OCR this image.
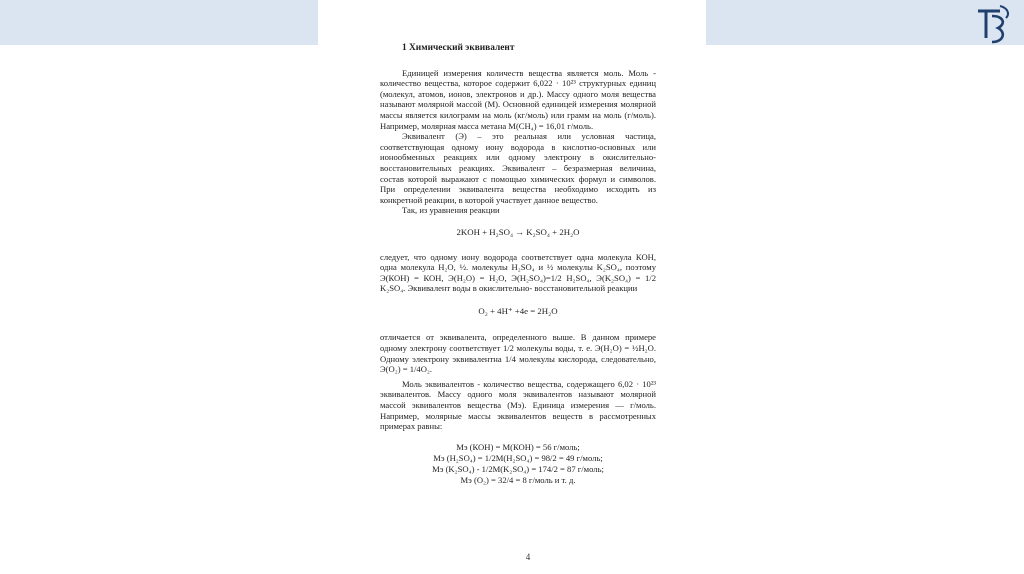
1 Химический эквивалент

Единицей измерения количеств вещества является моль. Моль - количество вещества, которое содержит 6,022 · 10²³ структурных единиц (молекул, атомов, ионов, электронов и др.). Массу одного моля вещества называют молярной массой (М). Основной единицей измерения молярной массы является килограмм на моль (кг/моль) или грамм на моль (г/моль). Например, молярная масса метана М(СН₄) = 16,01 г/моль.

Эквивалент (Э) – это реальная или условная частица, соответствующая одному иону водорода в кислотно-основных или ионообменных реакциях или одному электрону в окислительно-восстановительных реакциях. Эквивалент – безразмерная величина, состав которой выражают с помощью химических формул и символов. При определении эквивалента вещества необходимо исходить из конкретной реакции, в которой участвует данное вещество.

Так, из уравнения реакции

2KOH + H₂SO₄ → K₂SO₄ + 2H₂O

следует, что одному иону водорода соответствует одна молекула КОН, одна молекула Н₂О, ½. молекулы H₂SO₄ и ½ молекулы K₂SO₄, поэтому Э(КОН) = КОН, Э(Н₂О) = Н₂О, Э(H₂SO₄)=1/2 H₂SO₄, Э(K₂SO₄) = 1/2 K₂SO₄. Эквивалент воды в окислительно- восстановительной реакции

O₂ + 4H⁺ +4e = 2H₂O

отличается от эквивалента, определенного выше. В данном примере одному электрону соответствует 1/2 молекулы воды, т. е. Э(Н₂О) = ½Н₂О. Одному электрону эквивалентна 1/4 молекулы кислорода, следовательно, Э(О₂) = 1/4О₂.

Моль эквивалентов - количество вещества, содержащего 6,02 · 10²³ эквивалентов. Массу одного моля эквивалентов называют молярной массой эквивалентов вещества (Мэ). Единица измерения — г/моль. Например, молярные массы эквивалентов веществ в рассмотренных примерах равны:

Мэ (КОН) = М(КОН) = 56 г/моль;
Мэ (H₂SO₄) = 1/2М(H₂SO₄) = 98/2 = 49 г/моль;
Мэ (K₂SO₄) - 1/2М(K₂SO₄) = 174/2 = 87 г/моль;
Мэ (О₂) = 32/4 = 8 г/моль и т. д.
4
